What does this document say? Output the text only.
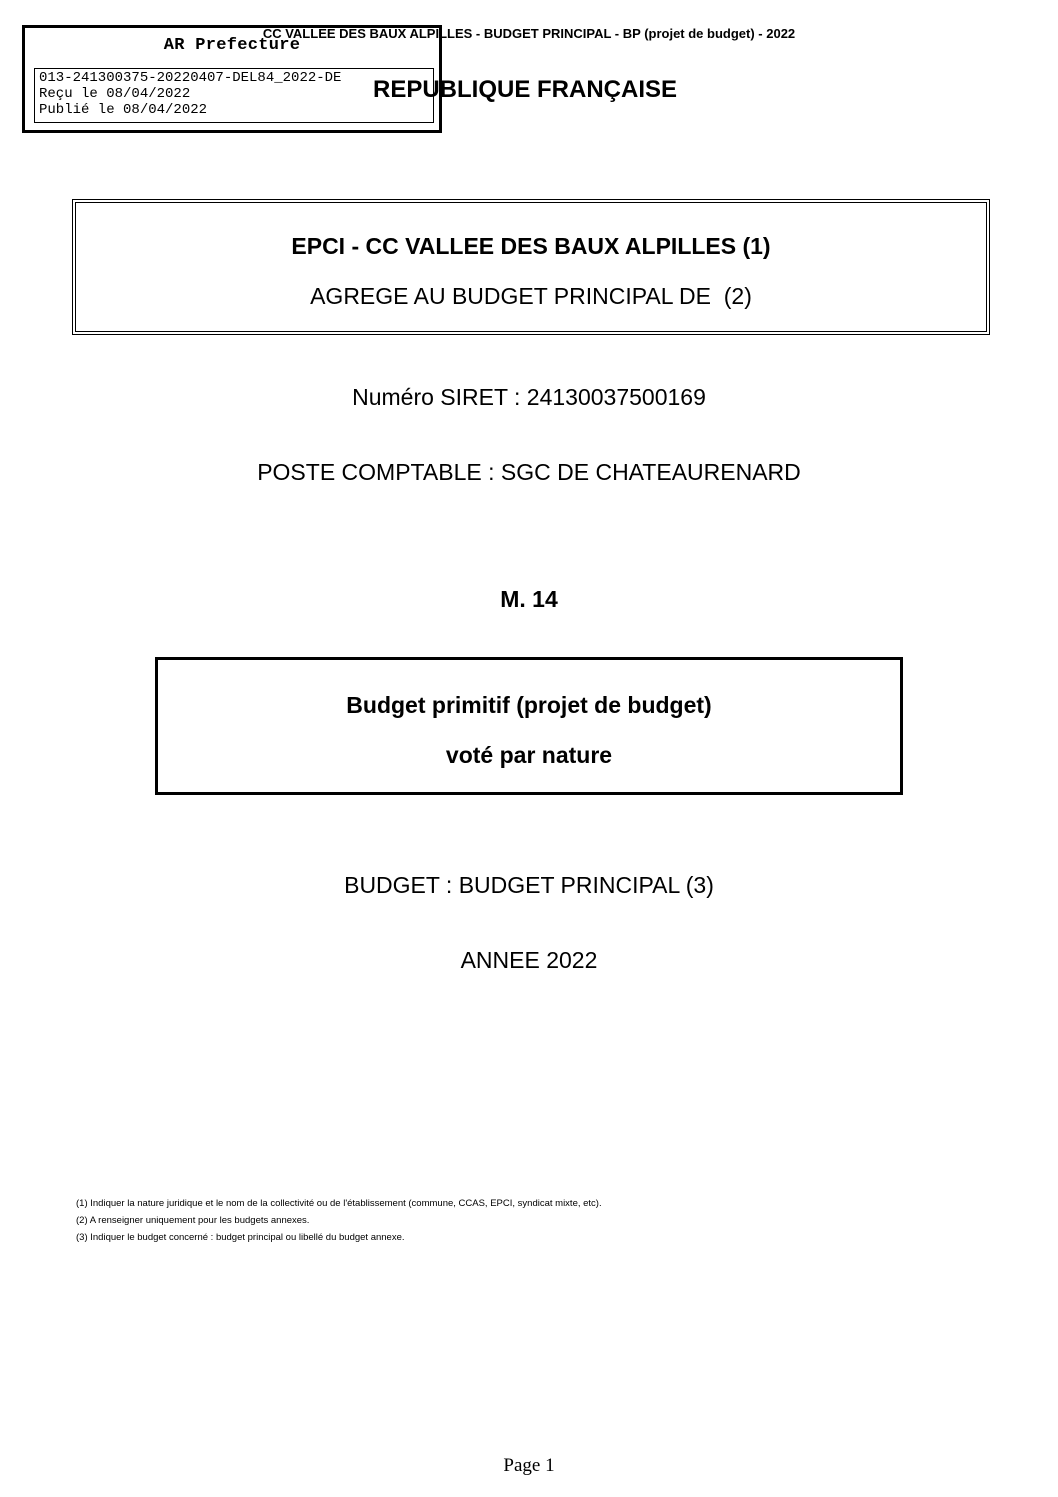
AR Prefecture
013-241300375-20220407-DEL84_2022-DE
Reçu le 08/04/2022
Publié le 08/04/2022
CC VALLEE DES BAUX ALPILLES - BUDGET PRINCIPAL - BP (projet de budget) - 2022
REPUBLIQUE FRANÇAISE
EPCI - CC VALLEE DES BAUX ALPILLES (1)
AGREGE AU BUDGET PRINCIPAL DE  (2)
Numéro SIRET : 24130037500169
POSTE COMPTABLE : SGC DE CHATEAURENARD
M. 14
Budget primitif (projet de budget)
voté par nature
BUDGET : BUDGET PRINCIPAL (3)
ANNEE 2022
(1) Indiquer la nature juridique et le nom de la collectivité ou de l'établissement (commune, CCAS, EPCI, syndicat mixte, etc).
(2) A renseigner uniquement pour les budgets annexes.
(3) Indiquer le budget concerné : budget principal ou libellé du budget annexe.
Page 1
